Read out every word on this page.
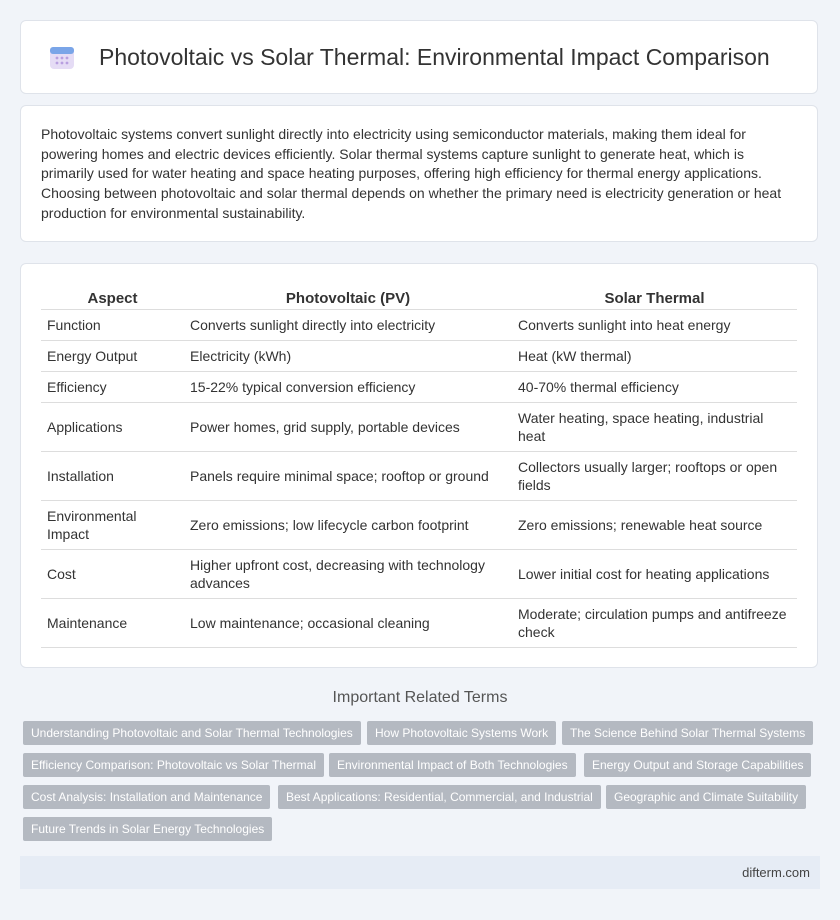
Photovoltaic vs Solar Thermal: Environmental Impact Comparison

Photovoltaic systems convert sunlight directly into electricity using semiconductor materials, making them ideal for powering homes and electric devices efficiently. Solar thermal systems capture sunlight to generate heat, which is primarily used for water heating and space heating purposes, offering high efficiency for thermal energy applications. Choosing between photovoltaic and solar thermal depends on whether the primary need is electricity generation or heat production for environmental sustainability.

Aspect	Photovoltaic (PV)	Solar Thermal
Function	Converts sunlight directly into electricity	Converts sunlight into heat energy
Energy Output	Electricity (kWh)	Heat (kW thermal)
Efficiency	15-22% typical conversion efficiency	40-70% thermal efficiency
Applications	Power homes, grid supply, portable devices	Water heating, space heating, industrial heat
Installation	Panels require minimal space; rooftop or ground	Collectors usually larger; rooftops or open fields
Environmental Impact	Zero emissions; low lifecycle carbon footprint	Zero emissions; renewable heat source
Cost	Higher upfront cost, decreasing with technology advances	Lower initial cost for heating applications
Maintenance	Low maintenance; occasional cleaning	Moderate; circulation pumps and antifreeze check
Important Related Terms
Understanding Photovoltaic and Solar Thermal Technologies	How Photovoltaic Systems Work	The Science Behind Solar Thermal Systems
Efficiency Comparison: Photovoltaic vs Solar Thermal	Environmental Impact of Both Technologies	Energy Output and Storage Capabilities
Cost Analysis: Installation and Maintenance	Best Applications: Residential, Commercial, and Industrial	Geographic and Climate Suitability
Future Trends in Solar Energy Technologies
difterm.com
